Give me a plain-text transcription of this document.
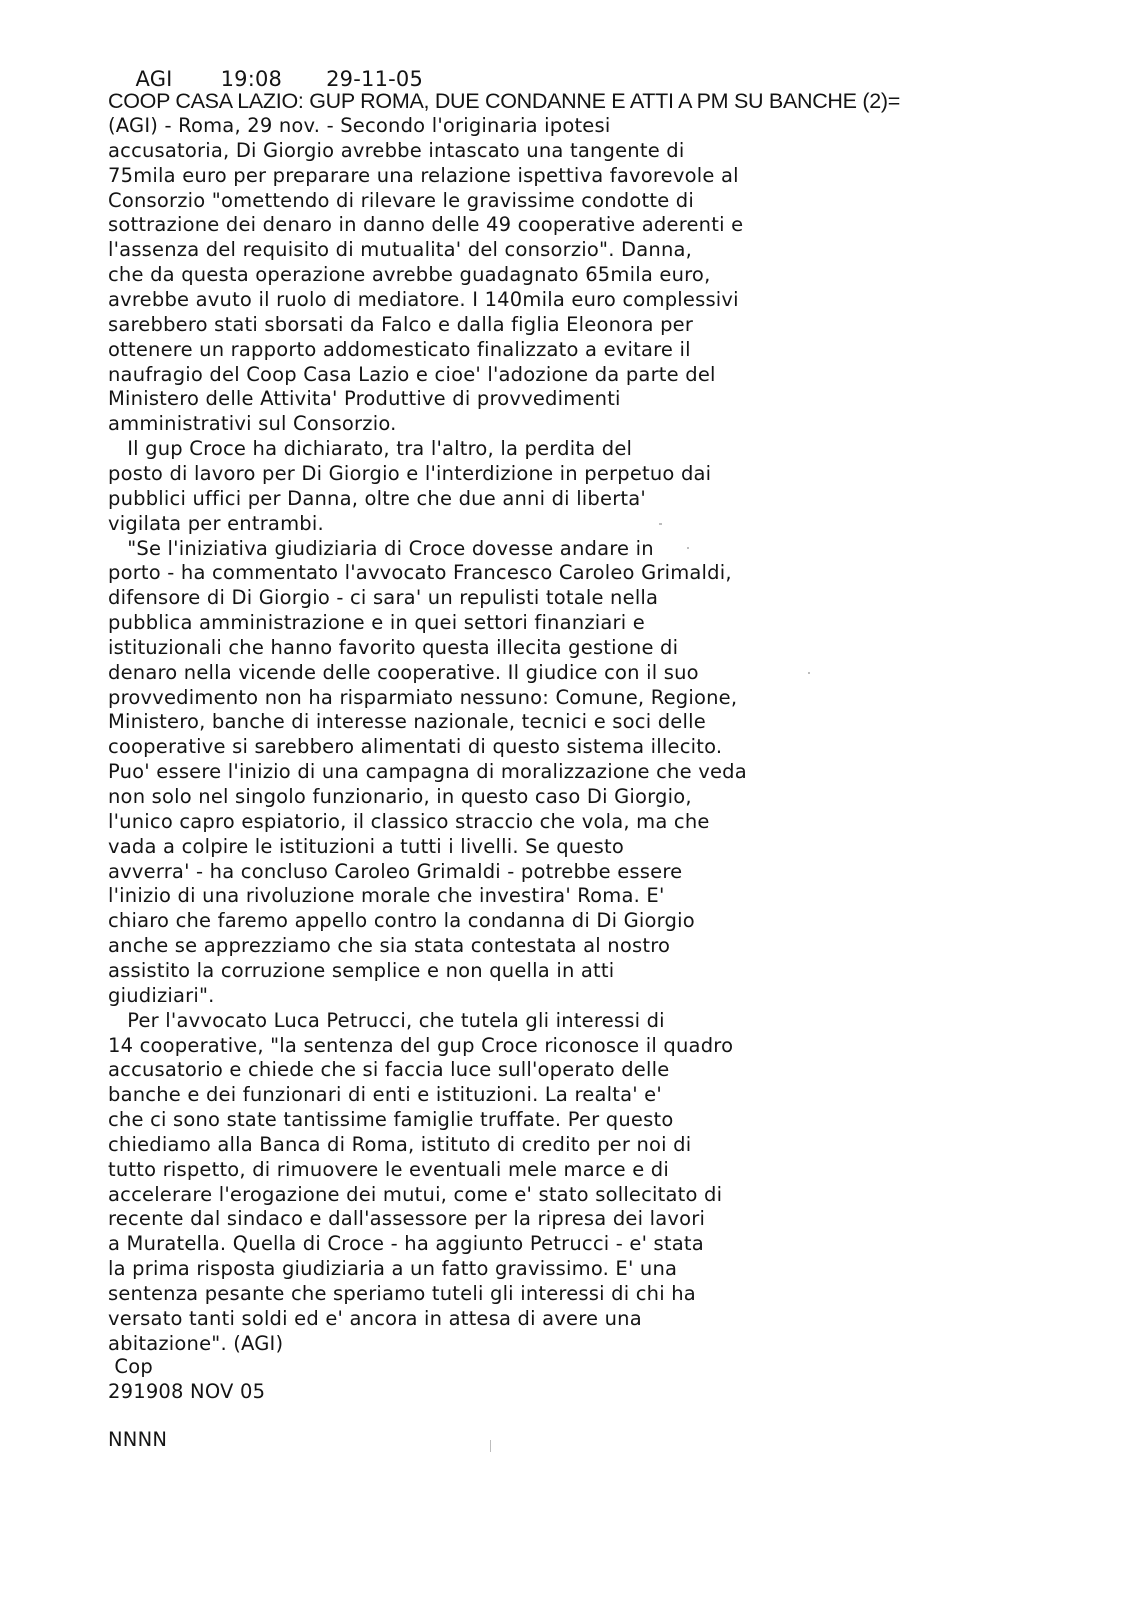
AGI 19:08 29-11-05

COOP CASA LAZIO: GUP ROMA, DUE CONDANNE E ATTI A PM SU BANCHE (2)=
(AGI) - Roma, 29 nov. - Secondo l'originaria ipotesi
accusatoria, Di Giorgio avrebbe intascato una tangente di
75mila euro per preparare una relazione ispettiva favorevole al
Consorzio "omettendo di rilevare le gravissime condotte di
sottrazione dei denaro in danno delle 49 cooperative aderenti e
l'assenza del requisito di mutualita' del consorzio". Danna,
che da questa operazione avrebbe guadagnato 65mila euro,
avrebbe avuto il ruolo di mediatore. I 140mila euro complessivi
sarebbero stati sborsati da Falco e dalla figlia Eleonora per
ottenere un rapporto addomesticato finalizzato a evitare il
naufragio del Coop Casa Lazio e cioe' l'adozione da parte del
Ministero delle Attivita' Produttive di provvedimenti
amministrativi sul Consorzio.
Il gup Croce ha dichiarato, tra l'altro, la perdita del
posto di lavoro per Di Giorgio e l'interdizione in perpetuo dai
pubblici uffici per Danna, oltre che due anni di liberta'
vigilata per entrambi.
"Se l'iniziativa giudiziaria di Croce dovesse andare in
porto - ha commentato l'avvocato Francesco Caroleo Grimaldi,
difensore di Di Giorgio - ci sara' un repulisti totale nella
pubblica amministrazione e in quei settori finanziari e
istituzionali che hanno favorito questa illecita gestione di
denaro nella vicende delle cooperative. Il giudice con il suo
provvedimento non ha risparmiato nessuno: Comune, Regione,
Ministero, banche di interesse nazionale, tecnici e soci delle
cooperative si sarebbero alimentati di questo sistema illecito.
Puo' essere l'inizio di una campagna di moralizzazione che veda
non solo nel singolo funzionario, in questo caso Di Giorgio,
l'unico capro espiatorio, il classico straccio che vola, ma che
vada a colpire le istituzioni a tutti i livelli. Se questo
avverra' - ha concluso Caroleo Grimaldi - potrebbe essere
l'inizio di una rivoluzione morale che investira' Roma. E'
chiaro che faremo appello contro la condanna di Di Giorgio
anche se apprezziamo che sia stata contestata al nostro
assistito la corruzione semplice e non quella in atti
giudiziari".
Per l'avvocato Luca Petrucci, che tutela gli interessi di
14 cooperative, "la sentenza del gup Croce riconosce il quadro
accusatorio e chiede che si faccia luce sull'operato delle
banche e dei funzionari di enti e istituzioni. La realta' e'
che ci sono state tantissime famiglie truffate. Per questo
chiediamo alla Banca di Roma, istituto di credito per noi di
tutto rispetto, di rimuovere le eventuali mele marce e di
accelerare l'erogazione dei mutui, come e' stato sollecitato di
recente dal sindaco e dall'assessore per la ripresa dei lavori
a Muratella. Quella di Croce - ha aggiunto Petrucci - e' stata
la prima risposta giudiziaria a un fatto gravissimo. E' una
sentenza pesante che speriamo tuteli gli interessi di chi ha
versato tanti soldi ed e' ancora in attesa di avere una
abitazione". (AGI)
Cop
291908 NOV 05
NNNN
